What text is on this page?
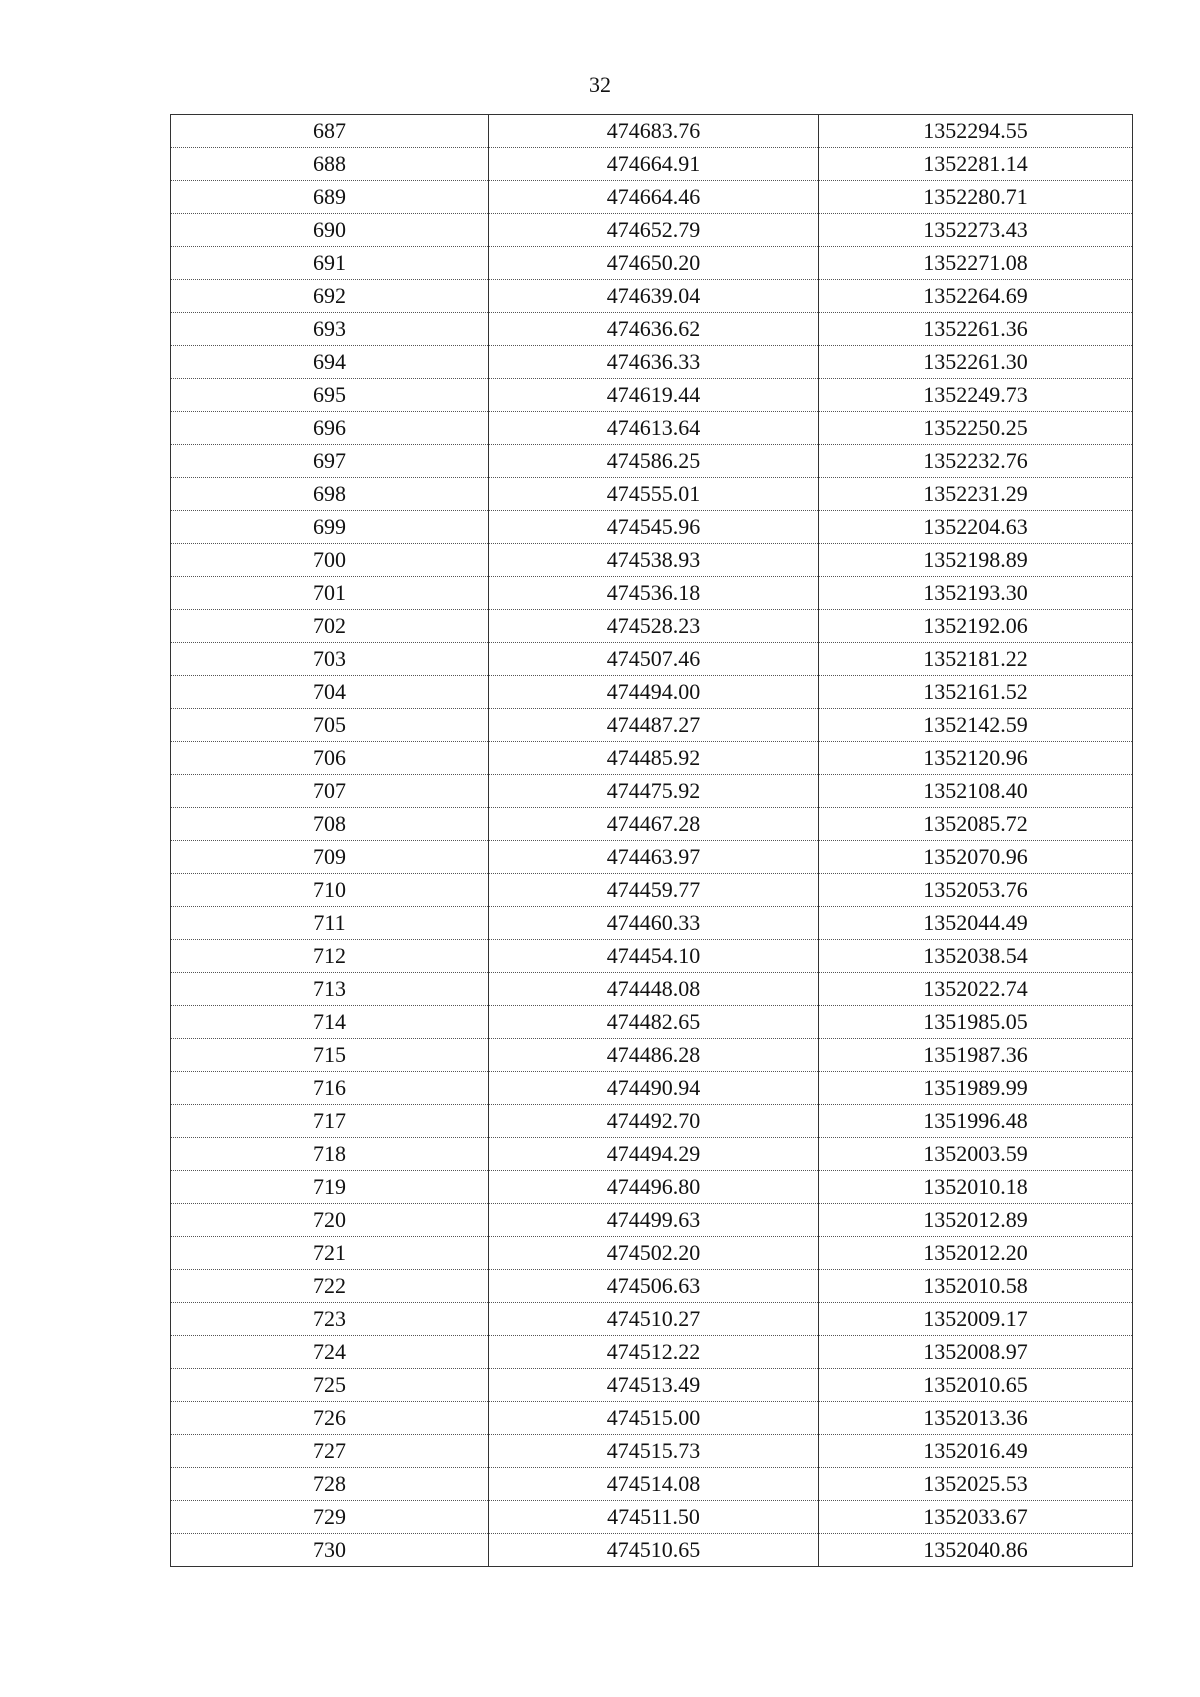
32
687	474683.76	1352294.55
688	474664.91	1352281.14
689	474664.46	1352280.71
690	474652.79	1352273.43
691	474650.20	1352271.08
692	474639.04	1352264.69
693	474636.62	1352261.36
694	474636.33	1352261.30
695	474619.44	1352249.73
696	474613.64	1352250.25
697	474586.25	1352232.76
698	474555.01	1352231.29
699	474545.96	1352204.63
700	474538.93	1352198.89
701	474536.18	1352193.30
702	474528.23	1352192.06
703	474507.46	1352181.22
704	474494.00	1352161.52
705	474487.27	1352142.59
706	474485.92	1352120.96
707	474475.92	1352108.40
708	474467.28	1352085.72
709	474463.97	1352070.96
710	474459.77	1352053.76
711	474460.33	1352044.49
712	474454.10	1352038.54
713	474448.08	1352022.74
714	474482.65	1351985.05
715	474486.28	1351987.36
716	474490.94	1351989.99
717	474492.70	1351996.48
718	474494.29	1352003.59
719	474496.80	1352010.18
720	474499.63	1352012.89
721	474502.20	1352012.20
722	474506.63	1352010.58
723	474510.27	1352009.17
724	474512.22	1352008.97
725	474513.49	1352010.65
726	474515.00	1352013.36
727	474515.73	1352016.49
728	474514.08	1352025.53
729	474511.50	1352033.67
730	474510.65	1352040.86
